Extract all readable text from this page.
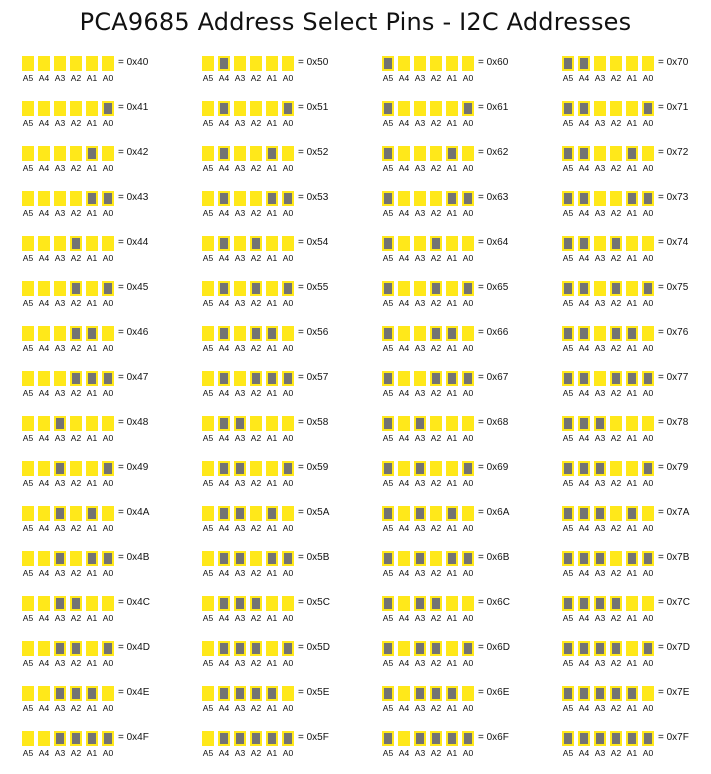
PCA9685 Address Select Pins - I2C Addresses
A5 A4 A3 A2 A1 A0
= 0x40
A5 A4 A3 A2 A1 A0
= 0x41
A5 A4 A3 A2 A1 A0
= 0x42
A5 A4 A3 A2 A1 A0
= 0x43
A5 A4 A3 A2 A1 A0
= 0x44
A5 A4 A3 A2 A1 A0
= 0x45
A5 A4 A3 A2 A1 A0
= 0x46
A5 A4 A3 A2 A1 A0
= 0x47
A5 A4 A3 A2 A1 A0
= 0x48
A5 A4 A3 A2 A1 A0
= 0x49
A5 A4 A3 A2 A1 A0
= 0x4A
A5 A4 A3 A2 A1 A0
= 0x4B
A5 A4 A3 A2 A1 A0
= 0x4C
A5 A4 A3 A2 A1 A0
= 0x4D
A5 A4 A3 A2 A1 A0
= 0x4E
A5 A4 A3 A2 A1 A0
= 0x4F
A5 A4 A3 A2 A1 A0
= 0x50
A5 A4 A3 A2 A1 A0
= 0x51
A5 A4 A3 A2 A1 A0
= 0x52
A5 A4 A3 A2 A1 A0
= 0x53
A5 A4 A3 A2 A1 A0
= 0x54
A5 A4 A3 A2 A1 A0
= 0x55
A5 A4 A3 A2 A1 A0
= 0x56
A5 A4 A3 A2 A1 A0
= 0x57
A5 A4 A3 A2 A1 A0
= 0x58
A5 A4 A3 A2 A1 A0
= 0x59
A5 A4 A3 A2 A1 A0
= 0x5A
A5 A4 A3 A2 A1 A0
= 0x5B
A5 A4 A3 A2 A1 A0
= 0x5C
A5 A4 A3 A2 A1 A0
= 0x5D
A5 A4 A3 A2 A1 A0
= 0x5E
A5 A4 A3 A2 A1 A0
= 0x5F
A5 A4 A3 A2 A1 A0
= 0x60
A5 A4 A3 A2 A1 A0
= 0x61
A5 A4 A3 A2 A1 A0
= 0x62
A5 A4 A3 A2 A1 A0
= 0x63
A5 A4 A3 A2 A1 A0
= 0x64
A5 A4 A3 A2 A1 A0
= 0x65
A5 A4 A3 A2 A1 A0
= 0x66
A5 A4 A3 A2 A1 A0
= 0x67
A5 A4 A3 A2 A1 A0
= 0x68
A5 A4 A3 A2 A1 A0
= 0x69
A5 A4 A3 A2 A1 A0
= 0x6A
A5 A4 A3 A2 A1 A0
= 0x6B
A5 A4 A3 A2 A1 A0
= 0x6C
A5 A4 A3 A2 A1 A0
= 0x6D
A5 A4 A3 A2 A1 A0
= 0x6E
A5 A4 A3 A2 A1 A0
= 0x6F
A5 A4 A3 A2 A1 A0
= 0x70
A5 A4 A3 A2 A1 A0
= 0x71
A5 A4 A3 A2 A1 A0
= 0x72
A5 A4 A3 A2 A1 A0
= 0x73
A5 A4 A3 A2 A1 A0
= 0x74
A5 A4 A3 A2 A1 A0
= 0x75
A5 A4 A3 A2 A1 A0
= 0x76
A5 A4 A3 A2 A1 A0
= 0x77
A5 A4 A3 A2 A1 A0
= 0x78
A5 A4 A3 A2 A1 A0
= 0x79
A5 A4 A3 A2 A1 A0
= 0x7A
A5 A4 A3 A2 A1 A0
= 0x7B
A5 A4 A3 A2 A1 A0
= 0x7C
A5 A4 A3 A2 A1 A0
= 0x7D
A5 A4 A3 A2 A1 A0
= 0x7E
A5 A4 A3 A2 A1 A0
= 0x7F
